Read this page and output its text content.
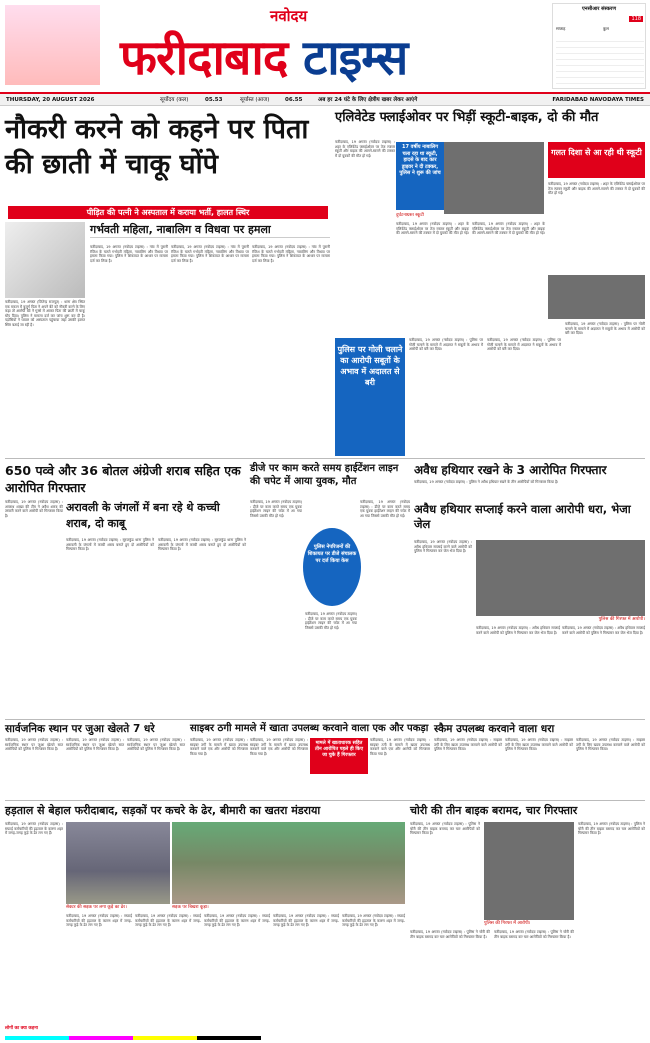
नवोदय
फरीदाबाद टाइम्स
एनसीआर संस्करण
118
सप्ताह	कुल
THURSDAY, 20 AUGUST 2026	सूर्योदय (कल)	05.53	सूर्यास्त (आज)	06.55	अब हर 24 घंटे के लिए क्षेत्रीय खबर लेकर आएंगे	FARIDABAD NAVODAYA TIMES
नौकरी करने को कहने पर पिता की छाती में चाकू घोंपे
पीड़ित की पत्नी ने अस्पताल में कराया भर्ती, हालत स्थिर
फरीदाबाद, 19 अगस्त (जितेन्द्र राजपूत) : थाना क्षेत्र स्थित एक मकान में बुजुर्ग पिता ने अपने बेटे को नौकरी करने के लिए कहा तो आरोपी बेटे ने गुस्से में आकर पिता की छाती में चाकू घोंप दिया। पुलिस ने मामला दर्ज कर जांच शुरू कर दी है। पड़ोसियों ने घायल को अस्पताल पहुंचाया जहां उसकी हालत स्थिर बताई जा रही है।
गर्भवती महिला, नाबालिग व विधवा पर हमला
फरीदाबाद, 19 अगस्त (नवोदय टाइम्स) : गांव में पुरानी रंजिश के चलते गर्भवती महिला, नाबालिग और विधवा पर हमला किया गया। पुलिस ने शिकायत के आधार पर मामला दर्ज कर लिया है।
फरीदाबाद, 19 अगस्त (नवोदय टाइम्स) : गांव में पुरानी रंजिश के चलते गर्भवती महिला, नाबालिग और विधवा पर हमला किया गया। पुलिस ने शिकायत के आधार पर मामला दर्ज कर लिया है।
फरीदाबाद, 19 अगस्त (नवोदय टाइम्स) : गांव में पुरानी रंजिश के चलते गर्भवती महिला, नाबालिग और विधवा पर हमला किया गया। पुलिस ने शिकायत के आधार पर मामला दर्ज कर लिया है।
एलिवेटेड फ्लाईओवर पर भिड़ीं स्कूटी-बाइक, दो की मौत
फरीदाबाद, 19 अगस्त (नवोदय टाइम्स) : शहर के एलिवेटेड फ्लाईओवर पर तेज रफ्तार स्कूटी और बाइक की आमने-सामने की टक्कर में दो युवकों की मौत हो गई।
17 वर्षीय नाबालिग चला रहा था स्कूटी, हादसे के बाद कार ड्राइवर ने दी टक्कर, पुलिस ने शुरू की जांच
दुर्घटनाग्रस्त स्कूटी
गलत दिशा से आ रही थी स्कूटी
फरीदाबाद, 19 अगस्त (नवोदय टाइम्स) : शहर के एलिवेटेड फ्लाईओवर पर तेज रफ्तार स्कूटी और बाइक की आमने-सामने की टक्कर में दो युवकों की मौत हो गई।
फरीदाबाद, 19 अगस्त (नवोदय टाइम्स) : शहर के एलिवेटेड फ्लाईओवर पर तेज रफ्तार स्कूटी और बाइक की आमने-सामने की टक्कर में दो युवकों की मौत हो गई।
फरीदाबाद, 19 अगस्त (नवोदय टाइम्स) : शहर के एलिवेटेड फ्लाईओवर पर तेज रफ्तार स्कूटी और बाइक की आमने-सामने की टक्कर में दो युवकों की मौत हो गई।
पुलिस पर गोली चलाने का आरोपी सबूतों के अभाव में अदालत से बरी
फरीदाबाद, 19 अगस्त (नवोदय टाइम्स) : पुलिस पर गोली चलाने के मामले में अदालत ने सबूतों के अभाव में आरोपी को बरी कर दिया।
फरीदाबाद, 19 अगस्त (नवोदय टाइम्स) : पुलिस पर गोली चलाने के मामले में अदालत ने सबूतों के अभाव में आरोपी को बरी कर दिया।
फरीदाबाद, 19 अगस्त (नवोदय टाइम्स) : पुलिस पर गोली चलाने के मामले में अदालत ने सबूतों के अभाव में आरोपी को बरी कर दिया।
650 पव्वे और 36 बोतल अंग्रेजी शराब सहित एक आरोपित गिरफ्तार
फरीदाबाद, 19 अगस्त (नवोदय टाइम्स) : अपराध शाखा की टीम ने अवैध शराब की तस्करी करने वाले आरोपी को गिरफ्तार किया है।
अरावली के जंगलों में बना रहे थे कच्ची शराब, दो काबू
फरीदाबाद, 19 अगस्त (नवोदय टाइम्स) : सूरजकुंड थाना पुलिस ने अरावली के जंगलों में कच्ची शराब बनाते हुए दो आरोपियों को गिरफ्तार किया है।
फरीदाबाद, 19 अगस्त (नवोदय टाइम्स) : सूरजकुंड थाना पुलिस ने अरावली के जंगलों में कच्ची शराब बनाते हुए दो आरोपियों को गिरफ्तार किया है।
डीजे पर काम करते समय हाईटेंशन लाइन की चपेट में आया युवक, मौत
फरीदाबाद, 19 अगस्त (नवोदय टाइम्स) : डीजे पर काम करते समय एक युवक हाईटेंशन लाइन की चपेट में आ गया जिससे उसकी मौत हो गई।
पुलिस नेपरिजनों की शिकायत पर डीजे संचालक पर दर्ज किया केस
फरीदाबाद, 19 अगस्त (नवोदय टाइम्स) : डीजे पर काम करते समय एक युवक हाईटेंशन लाइन की चपेट में आ गया जिससे उसकी मौत हो गई।
फरीदाबाद, 19 अगस्त (नवोदय टाइम्स) : डीजे पर काम करते समय एक युवक हाईटेंशन लाइन की चपेट में आ गया जिससे उसकी मौत हो गई।
अवैध हथियार रखने के 3 आरोपित गिरफ्तार
फरीदाबाद, 19 अगस्त (नवोदय टाइम्स) : पुलिस ने अवैध हथियार रखने के तीन आरोपियों को गिरफ्तार किया है।
अवैध हथियार सप्लाई करने वाला आरोपी धरा, भेजा जेल
फरीदाबाद, 19 अगस्त (नवोदय टाइम्स) : अवैध हथियार सप्लाई करने वाले आरोपी को पुलिस ने गिरफ्तार कर जेल भेज दिया है।
पुलिस की गिरफ्त में आरोपी।
फरीदाबाद, 19 अगस्त (नवोदय टाइम्स) : अवैध हथियार सप्लाई करने वाले आरोपी को पुलिस ने गिरफ्तार कर जेल भेज दिया है।
फरीदाबाद, 19 अगस्त (नवोदय टाइम्स) : अवैध हथियार सप्लाई करने वाले आरोपी को पुलिस ने गिरफ्तार कर जेल भेज दिया है।
सार्वजनिक स्थान पर जुआ खेलते 7 धरे
फरीदाबाद, 19 अगस्त (नवोदय टाइम्स) : सार्वजनिक स्थान पर जुआ खेलते सात आरोपियों को पुलिस ने गिरफ्तार किया है।
फरीदाबाद, 19 अगस्त (नवोदय टाइम्स) : सार्वजनिक स्थान पर जुआ खेलते सात आरोपियों को पुलिस ने गिरफ्तार किया है।
फरीदाबाद, 19 अगस्त (नवोदय टाइम्स) : सार्वजनिक स्थान पर जुआ खेलते सात आरोपियों को पुलिस ने गिरफ्तार किया है।
साइबर ठगी मामले में खाता उपलब्ध करवाने वाला एक और पकड़ा
फरीदाबाद, 19 अगस्त (नवोदय टाइम्स) : साइबर ठगी के मामले में खाता उपलब्ध करवाने वाले एक और आरोपी को गिरफ्तार किया गया है।
फरीदाबाद, 19 अगस्त (नवोदय टाइम्स) : साइबर ठगी के मामले में खाता उपलब्ध करवाने वाले एक और आरोपी को गिरफ्तार किया गया है।
मामले में खाताधारक सहित तीन आरोपित पहले ही किए जा चुके हैं गिरफ्तार
फरीदाबाद, 19 अगस्त (नवोदय टाइम्स) : साइबर ठगी के मामले में खाता उपलब्ध करवाने वाले एक और आरोपी को गिरफ्तार किया गया है।
स्कैम उपलब्ध करवाने वाला धरा
फरीदाबाद, 19 अगस्त (नवोदय टाइम्स) : साइबर ठगी के लिए खाता उपलब्ध करवाने वाले आरोपी को पुलिस ने गिरफ्तार किया।
फरीदाबाद, 19 अगस्त (नवोदय टाइम्स) : साइबर ठगी के लिए खाता उपलब्ध करवाने वाले आरोपी को पुलिस ने गिरफ्तार किया।
फरीदाबाद, 19 अगस्त (नवोदय टाइम्स) : साइबर ठगी के लिए खाता उपलब्ध करवाने वाले आरोपी को पुलिस ने गिरफ्तार किया।
हड़ताल से बेहाल फरीदाबाद, सड़कों पर कचरे के ढेर, बीमारी का खतरा मंडराया
फरीदाबाद, 19 अगस्त (नवोदय टाइम्स) : सफाई कर्मचारियों की हड़ताल के कारण शहर में जगह-जगह कूड़े के ढेर लग गए हैं।
लोगों का क्या कहना
सेक्टर की सड़क पर लगा कूड़े का ढेर।	सड़क पर बिखरा कूड़ा।
फरीदाबाद, 19 अगस्त (नवोदय टाइम्स) : सफाई कर्मचारियों की हड़ताल के कारण शहर में जगह-जगह कूड़े के ढेर लग गए हैं।
फरीदाबाद, 19 अगस्त (नवोदय टाइम्स) : सफाई कर्मचारियों की हड़ताल के कारण शहर में जगह-जगह कूड़े के ढेर लग गए हैं।
फरीदाबाद, 19 अगस्त (नवोदय टाइम्स) : सफाई कर्मचारियों की हड़ताल के कारण शहर में जगह-जगह कूड़े के ढेर लग गए हैं।
फरीदाबाद, 19 अगस्त (नवोदय टाइम्स) : सफाई कर्मचारियों की हड़ताल के कारण शहर में जगह-जगह कूड़े के ढेर लग गए हैं।
फरीदाबाद, 19 अगस्त (नवोदय टाइम्स) : सफाई कर्मचारियों की हड़ताल के कारण शहर में जगह-जगह कूड़े के ढेर लग गए हैं।
चोरी की तीन बाइक बरामद, चार गिरफ्तार
फरीदाबाद, 19 अगस्त (नवोदय टाइम्स) : पुलिस ने चोरी की तीन बाइक बरामद कर चार आरोपियों को गिरफ्तार किया है।
पुलिस की गिरफ्त में आरोपी।
फरीदाबाद, 19 अगस्त (नवोदय टाइम्स) : पुलिस ने चोरी की तीन बाइक बरामद कर चार आरोपियों को गिरफ्तार किया है।
फरीदाबाद, 19 अगस्त (नवोदय टाइम्स) : पुलिस ने चोरी की तीन बाइक बरामद कर चार आरोपियों को गिरफ्तार किया है।
फरीदाबाद, 19 अगस्त (नवोदय टाइम्स) : पुलिस ने चोरी की तीन बाइक बरामद कर चार आरोपियों को गिरफ्तार किया है।
